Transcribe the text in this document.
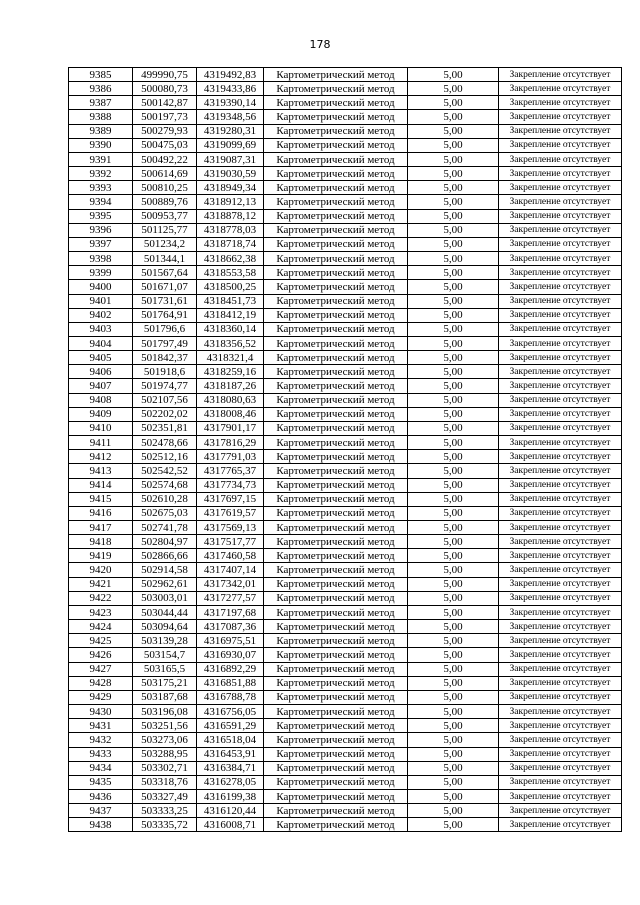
178
9385	499990,75	4319492,83	Картометрический метод	5,00	Закрепление отсутствует
9386	500080,73	4319433,86	Картометрический метод	5,00	Закрепление отсутствует
9387	500142,87	4319390,14	Картометрический метод	5,00	Закрепление отсутствует
9388	500197,73	4319348,56	Картометрический метод	5,00	Закрепление отсутствует
9389	500279,93	4319280,31	Картометрический метод	5,00	Закрепление отсутствует
9390	500475,03	4319099,69	Картометрический метод	5,00	Закрепление отсутствует
9391	500492,22	4319087,31	Картометрический метод	5,00	Закрепление отсутствует
9392	500614,69	4319030,59	Картометрический метод	5,00	Закрепление отсутствует
9393	500810,25	4318949,34	Картометрический метод	5,00	Закрепление отсутствует
9394	500889,76	4318912,13	Картометрический метод	5,00	Закрепление отсутствует
9395	500953,77	4318878,12	Картометрический метод	5,00	Закрепление отсутствует
9396	501125,77	4318778,03	Картометрический метод	5,00	Закрепление отсутствует
9397	501234,2	4318718,74	Картометрический метод	5,00	Закрепление отсутствует
9398	501344,1	4318662,38	Картометрический метод	5,00	Закрепление отсутствует
9399	501567,64	4318553,58	Картометрический метод	5,00	Закрепление отсутствует
9400	501671,07	4318500,25	Картометрический метод	5,00	Закрепление отсутствует
9401	501731,61	4318451,73	Картометрический метод	5,00	Закрепление отсутствует
9402	501764,91	4318412,19	Картометрический метод	5,00	Закрепление отсутствует
9403	501796,6	4318360,14	Картометрический метод	5,00	Закрепление отсутствует
9404	501797,49	4318356,52	Картометрический метод	5,00	Закрепление отсутствует
9405	501842,37	4318321,4	Картометрический метод	5,00	Закрепление отсутствует
9406	501918,6	4318259,16	Картометрический метод	5,00	Закрепление отсутствует
9407	501974,77	4318187,26	Картометрический метод	5,00	Закрепление отсутствует
9408	502107,56	4318080,63	Картометрический метод	5,00	Закрепление отсутствует
9409	502202,02	4318008,46	Картометрический метод	5,00	Закрепление отсутствует
9410	502351,81	4317901,17	Картометрический метод	5,00	Закрепление отсутствует
9411	502478,66	4317816,29	Картометрический метод	5,00	Закрепление отсутствует
9412	502512,16	4317791,03	Картометрический метод	5,00	Закрепление отсутствует
9413	502542,52	4317765,37	Картометрический метод	5,00	Закрепление отсутствует
9414	502574,68	4317734,73	Картометрический метод	5,00	Закрепление отсутствует
9415	502610,28	4317697,15	Картометрический метод	5,00	Закрепление отсутствует
9416	502675,03	4317619,57	Картометрический метод	5,00	Закрепление отсутствует
9417	502741,78	4317569,13	Картометрический метод	5,00	Закрепление отсутствует
9418	502804,97	4317517,77	Картометрический метод	5,00	Закрепление отсутствует
9419	502866,66	4317460,58	Картометрический метод	5,00	Закрепление отсутствует
9420	502914,58	4317407,14	Картометрический метод	5,00	Закрепление отсутствует
9421	502962,61	4317342,01	Картометрический метод	5,00	Закрепление отсутствует
9422	503003,01	4317277,57	Картометрический метод	5,00	Закрепление отсутствует
9423	503044,44	4317197,68	Картометрический метод	5,00	Закрепление отсутствует
9424	503094,64	4317087,36	Картометрический метод	5,00	Закрепление отсутствует
9425	503139,28	4316975,51	Картометрический метод	5,00	Закрепление отсутствует
9426	503154,7	4316930,07	Картометрический метод	5,00	Закрепление отсутствует
9427	503165,5	4316892,29	Картометрический метод	5,00	Закрепление отсутствует
9428	503175,21	4316851,88	Картометрический метод	5,00	Закрепление отсутствует
9429	503187,68	4316788,78	Картометрический метод	5,00	Закрепление отсутствует
9430	503196,08	4316756,05	Картометрический метод	5,00	Закрепление отсутствует
9431	503251,56	4316591,29	Картометрический метод	5,00	Закрепление отсутствует
9432	503273,06	4316518,04	Картометрический метод	5,00	Закрепление отсутствует
9433	503288,95	4316453,91	Картометрический метод	5,00	Закрепление отсутствует
9434	503302,71	4316384,71	Картометрический метод	5,00	Закрепление отсутствует
9435	503318,76	4316278,05	Картометрический метод	5,00	Закрепление отсутствует
9436	503327,49	4316199,38	Картометрический метод	5,00	Закрепление отсутствует
9437	503333,25	4316120,44	Картометрический метод	5,00	Закрепление отсутствует
9438	503335,72	4316008,71	Картометрический метод	5,00	Закрепление отсутствует
